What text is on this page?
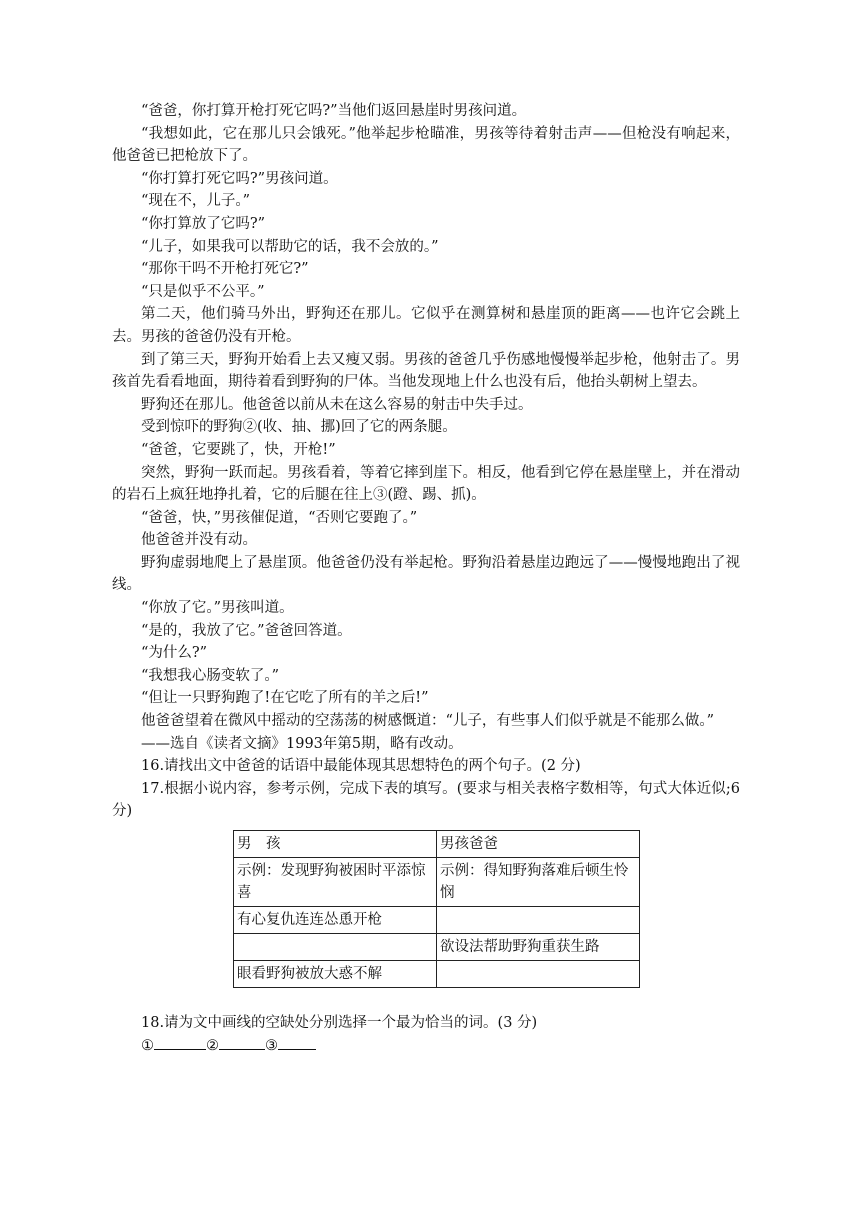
“爸爸，你打算开枪打死它吗?”当他们返回悬崖时男孩问道。

“我想如此，它在那儿只会饿死。”他举起步枪瞄准，男孩等待着射击声——但枪没有响起来，他爸爸已把枪放下了。

“你打算打死它吗?”男孩问道。

“现在不，儿子。”

“你打算放了它吗?”

“儿子，如果我可以帮助它的话，我不会放的。”

“那你干吗不开枪打死它?”

“只是似乎不公平。”

第二天，他们骑马外出，野狗还在那儿。它似乎在测算树和悬崖顶的距离——也许它会跳上去。男孩的爸爸仍没有开枪。

到了第三天，野狗开始看上去又瘦又弱。男孩的爸爸几乎伤感地慢慢举起步枪，他射击了。男孩首先看看地面，期待着看到野狗的尸体。当他发现地上什么也没有后，他抬头朝树上望去。

野狗还在那儿。他爸爸以前从未在这么容易的射击中失手过。

受到惊吓的野狗②(收、抽、挪)回了它的两条腿。

“爸爸，它要跳了，快，开枪!”

突然，野狗一跃而起。男孩看着，等着它摔到崖下。相反，他看到它停在悬崖壁上，并在滑动的岩石上疯狂地挣扎着，它的后腿在往上③(蹬、踢、抓)。

“爸爸，快，”男孩催促道，“否则它要跑了。”

他爸爸并没有动。

野狗虚弱地爬上了悬崖顶。他爸爸仍没有举起枪。野狗沿着悬崖边跑远了——慢慢地跑出了视线。

“你放了它。”男孩叫道。

“是的，我放了它。”爸爸回答道。

“为什么?”

“我想我心肠变软了。”

“但让一只野狗跑了!在它吃了所有的羊之后!”

他爸爸望着在微风中摇动的空荡荡的树感慨道：“儿子，有些事人们似乎就是不能那么做。”

——选自《读者文摘》1993年第5期，略有改动。

16.请找出文中爸爸的话语中最能体现其思想特色的两个句子。(2 分)

17.根据小说内容，参考示例，完成下表的填写。(要求与相关表格字数相等，句式大体近似;6 分)

男　孩	男孩爸爸
示例：发现野狗被困时平添惊喜	示例：得知野狗落难后顿生怜悯
有心复仇连连怂恿开枪	
	欲设法帮助野狗重获生路
眼看野狗被放大惑不解	

18.请为文中画线的空缺处分别选择一个最为恰当的词。(3 分)

①	②	③
